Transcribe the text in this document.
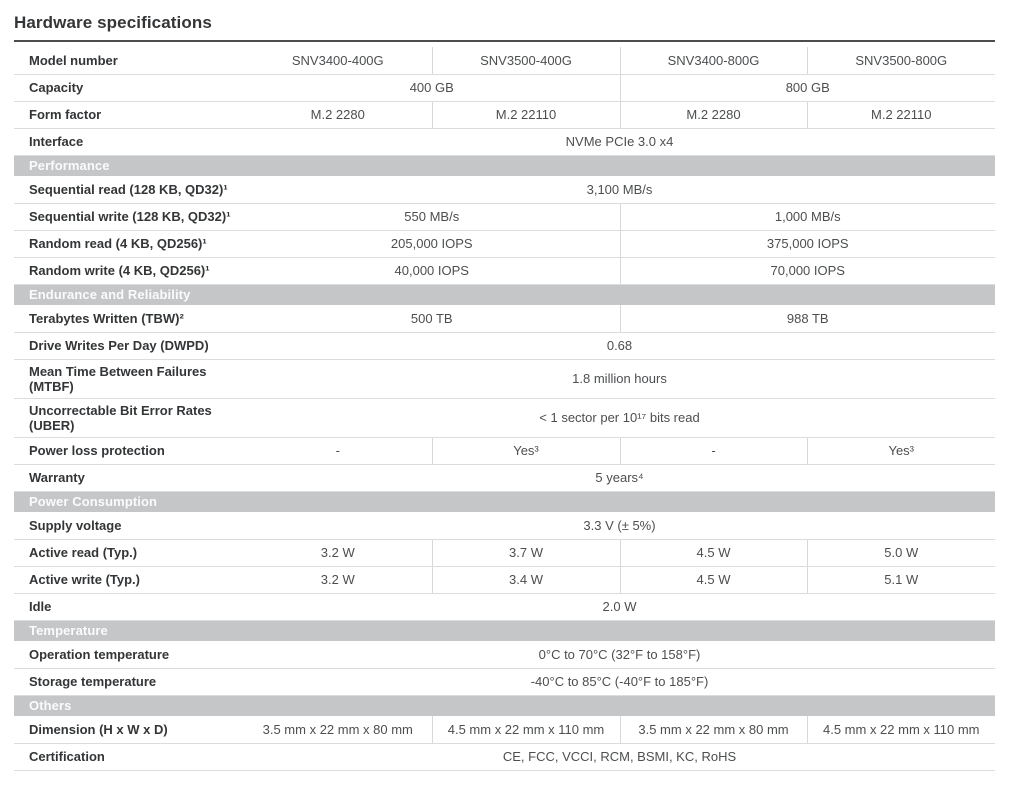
Hardware specifications
Model number	SNV3400-400G	SNV3500-400G	SNV3400-800G	SNV3500-800G
Capacity	400 GB		800 GB	
Form factor	M.2 2280	M.2 22110	M.2 2280	M.2 22110
Interface	NVMe PCIe 3.0 x4			
Performance				
Sequential read (128 KB, QD32)¹	3,100 MB/s			
Sequential write (128 KB, QD32)¹	550 MB/s		1,000 MB/s	
Random read (4 KB, QD256)¹	205,000 IOPS		375,000 IOPS	
Random write (4 KB, QD256)¹	40,000 IOPS		70,000 IOPS	
Endurance and Reliability				
Terabytes Written (TBW)²	500 TB		988 TB	
Drive Writes Per Day (DWPD)	0.68			
Mean Time Between Failures (MTBF)	1.8 million hours			
Uncorrectable Bit Error Rates (UBER)	< 1 sector per 10¹⁷ bits read			
Power loss protection	-	Yes³	-	Yes³
Warranty	5 years⁴			
Power Consumption				
Supply voltage	3.3 V (± 5%)			
Active read (Typ.)	3.2 W	3.7 W	4.5 W	5.0 W
Active write (Typ.)	3.2 W	3.4 W	4.5 W	5.1 W
Idle	2.0 W			
Temperature				
Operation temperature	0°C to 70°C (32°F to 158°F)			
Storage temperature	-40°C to 85°C (-40°F to 185°F)			
Others				
Dimension (H x W x D)	3.5 mm x 22 mm x 80 mm	4.5 mm x 22 mm x 110 mm	3.5 mm x 22 mm x 80 mm	4.5 mm x 22 mm x 110 mm
Certification	CE, FCC, VCCI, RCM, BSMI, KC, RoHS			
